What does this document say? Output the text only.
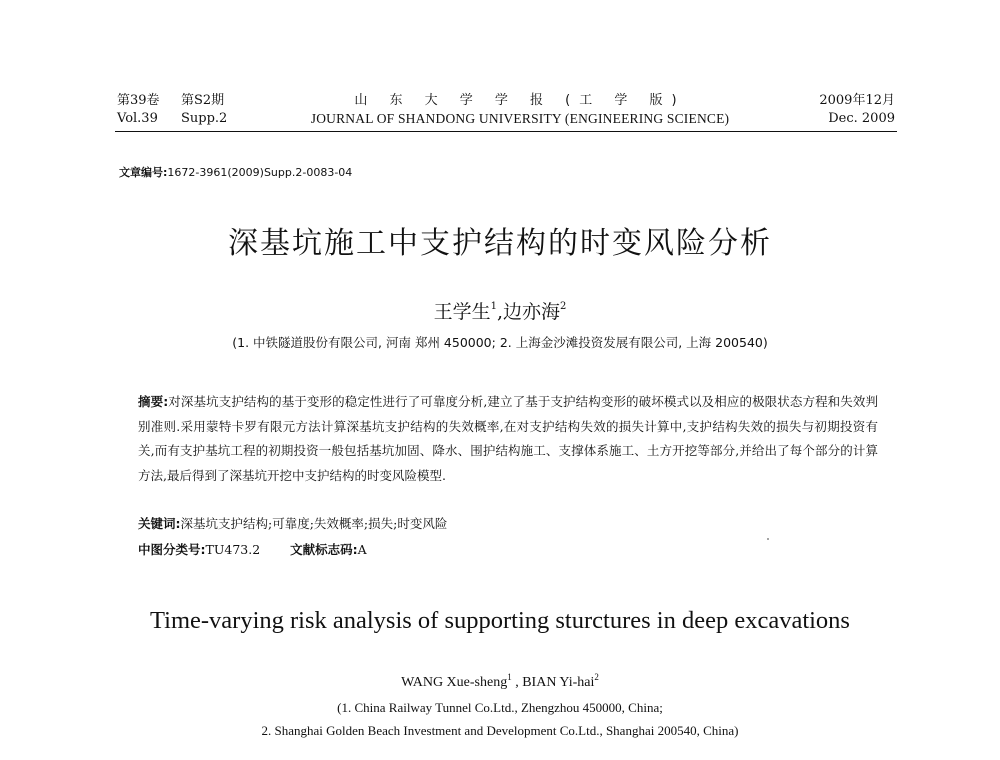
第39卷 第S2期
Vol.39 Supp.2
山 东 大 学 学 报 (工 学 版)
JOURNAL OF SHANDONG UNIVERSITY (ENGINEERING SCIENCE)
2009年12月
Dec. 2009
文章编号:1672-3961(2009)Supp.2-0083-04
深基坑施工中支护结构的时变风险分析
王学生$^1$,边亦海$^2$
(1. 中铁隧道股份有限公司, 河南 郑州 450000; 2. 上海金沙滩投资发展有限公司, 上海 200540)
摘要:对深基坑支护结构的基于变形的稳定性进行了可靠度分析,建立了基于支护结构变形的破坏模式以及相应的极限状态方程和失效判别准则.采用蒙特卡罗有限元方法计算深基坑支护结构的失效概率,在对支护结构失效的损失计算中,支护结构失效的损失与初期投资有关,而有支护基坑工程的初期投资一般包括基坑加固、降水、围护结构施工、支撑体系施工、土方开挖等部分,并给出了每个部分的计算方法,最后得到了深基坑开挖中支护结构的时变风险模型.
关键词:深基坑支护结构;可靠度;失效概率;损失;时变风险
中图分类号:TU473.2 文献标志码:A
Time-varying risk analysis of supporting sturctures in deep excavations
WANG Xue-sheng$^1$ , BIAN Yi-hai$^2$
(1. China Railway Tunnel Co.Ltd., Zhengzhou 450000, China;
2. Shanghai Golden Beach Investment and Development Co.Ltd., Shanghai 200540, China)
